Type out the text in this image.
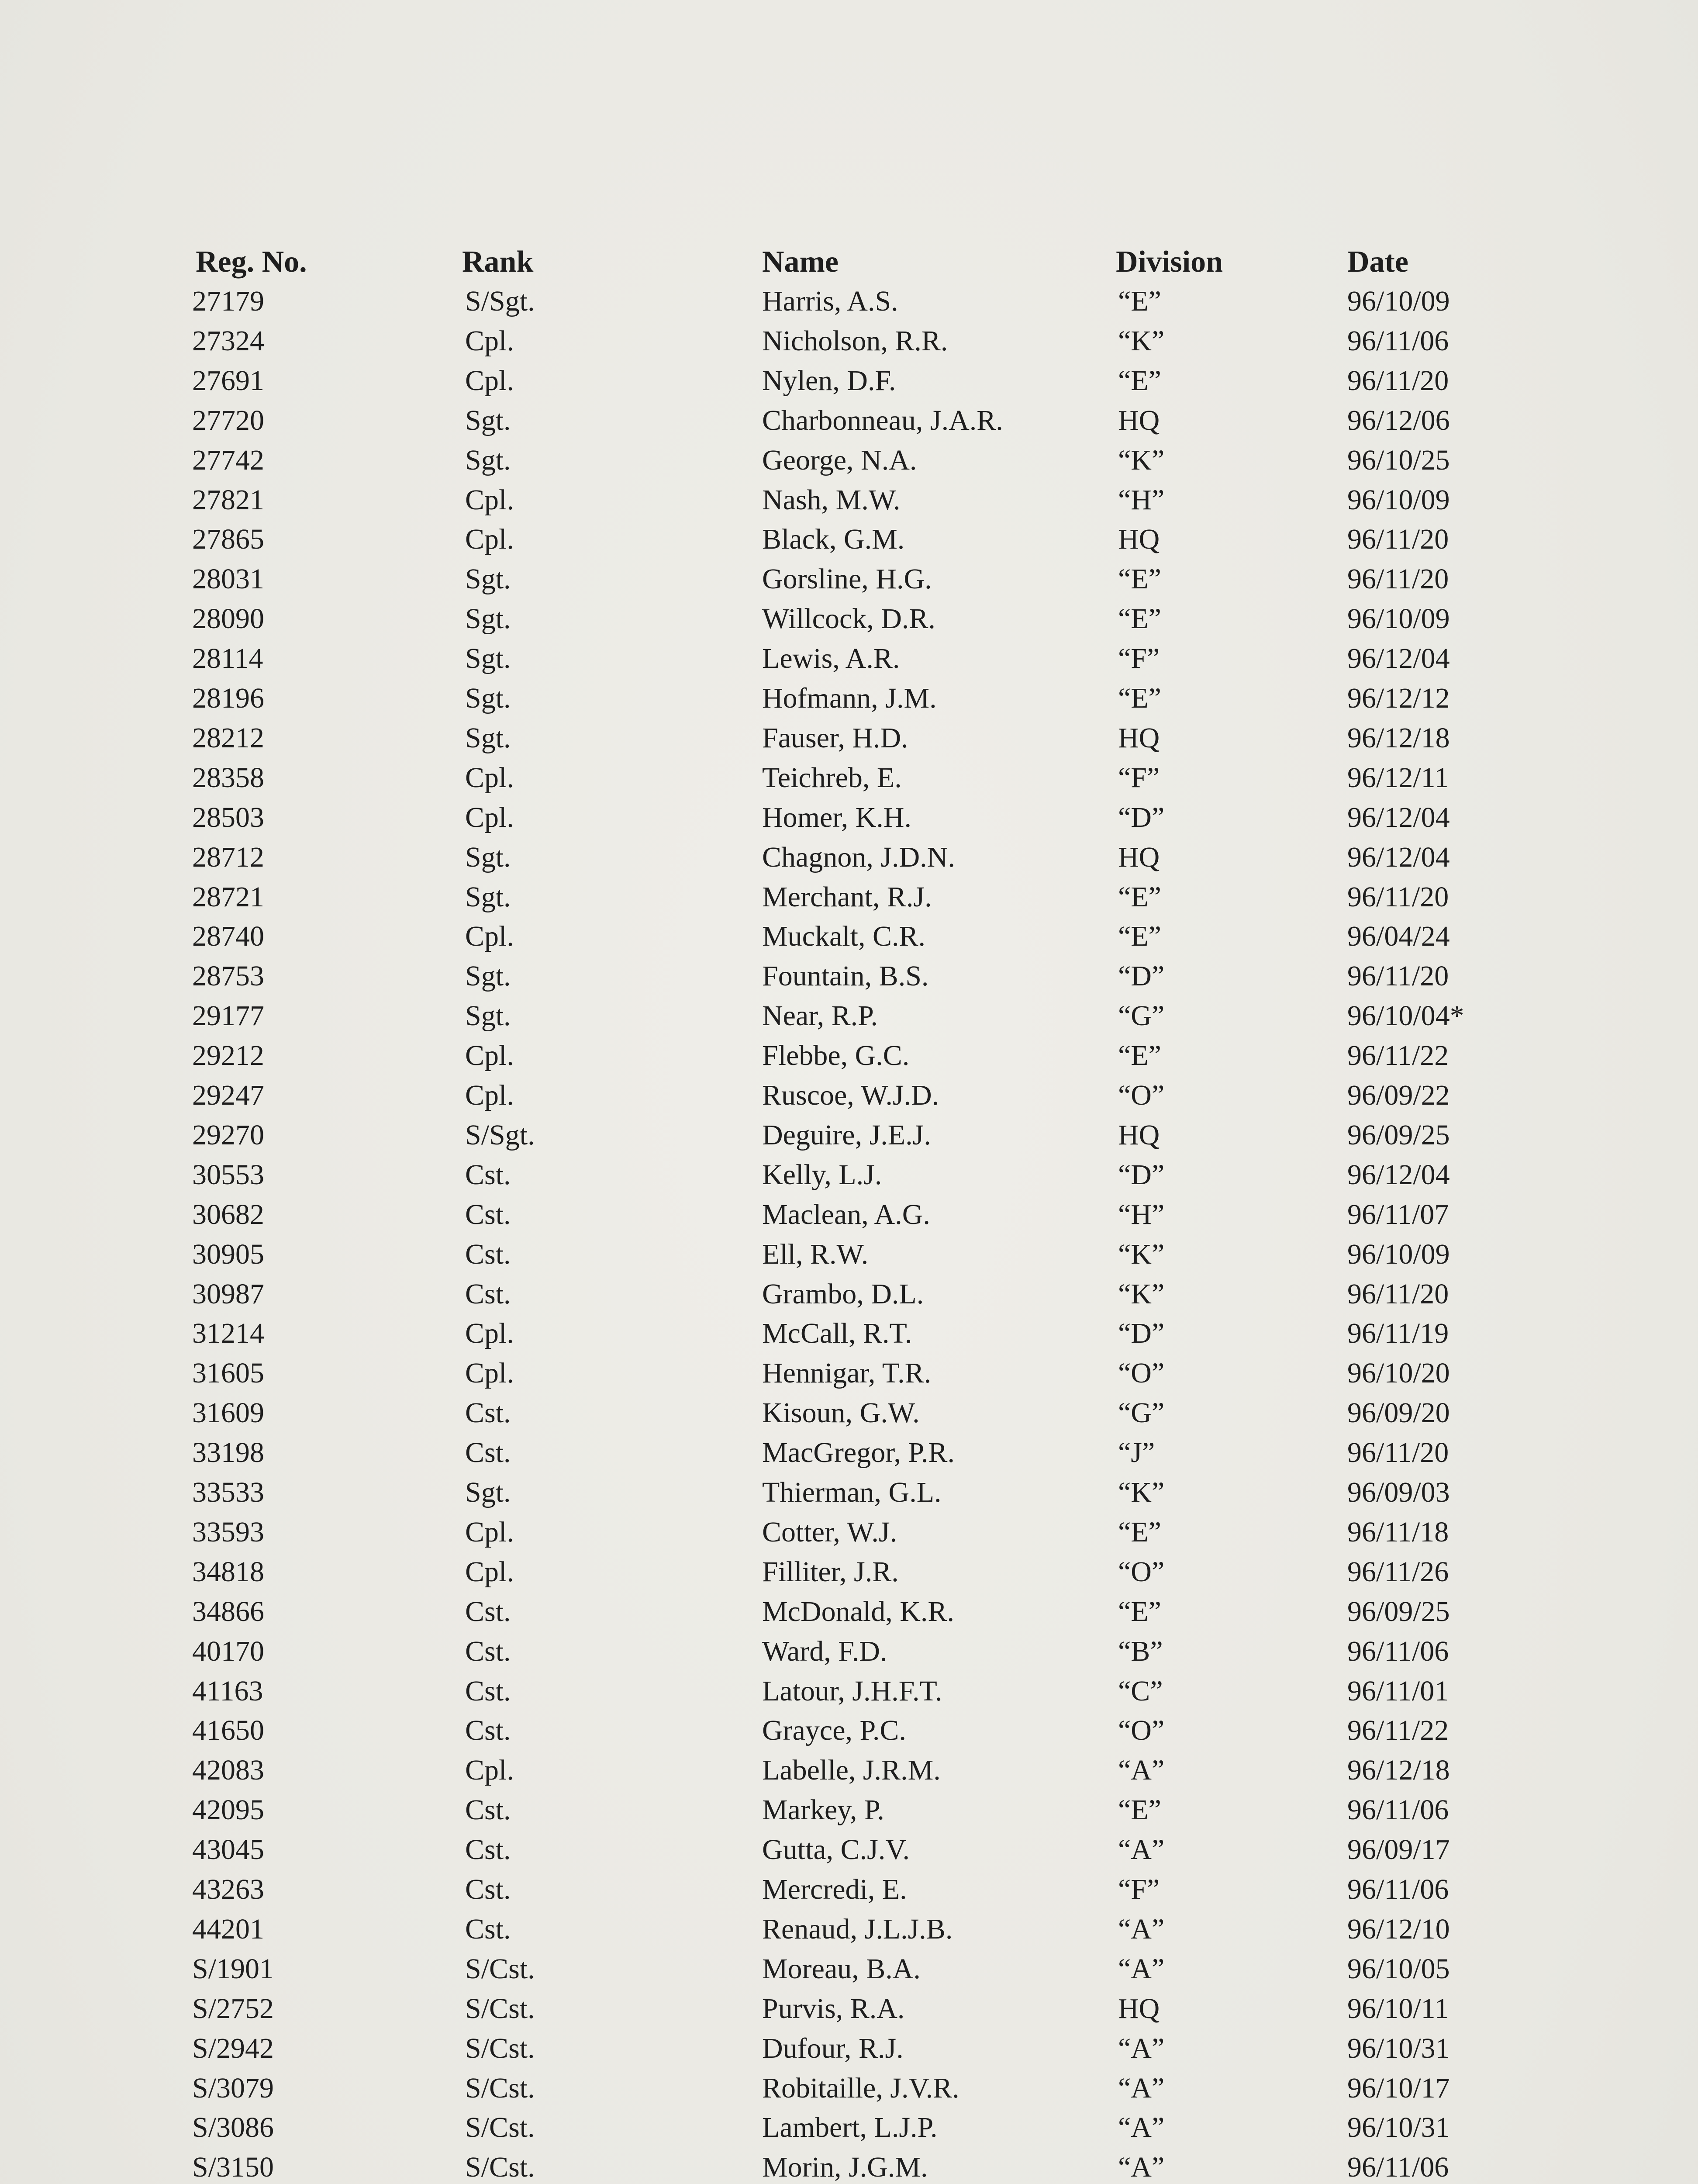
Reg. No.	Rank	Name	Division	Date
27179	S/Sgt.	Harris, A.S.	“E”	96/10/09
27324	Cpl.	Nicholson, R.R.	“K”	96/11/06
27691	Cpl.	Nylen, D.F.	“E”	96/11/20
27720	Sgt.	Charbonneau, J.A.R.	HQ	96/12/06
27742	Sgt.	George, N.A.	“K”	96/10/25
27821	Cpl.	Nash, M.W.	“H”	96/10/09
27865	Cpl.	Black, G.M.	HQ	96/11/20
28031	Sgt.	Gorsline, H.G.	“E”	96/11/20
28090	Sgt.	Willcock, D.R.	“E”	96/10/09
28114	Sgt.	Lewis, A.R.	“F”	96/12/04
28196	Sgt.	Hofmann, J.M.	“E”	96/12/12
28212	Sgt.	Fauser, H.D.	HQ	96/12/18
28358	Cpl.	Teichreb, E.	“F”	96/12/11
28503	Cpl.	Homer, K.H.	“D”	96/12/04
28712	Sgt.	Chagnon, J.D.N.	HQ	96/12/04
28721	Sgt.	Merchant, R.J.	“E”	96/11/20
28740	Cpl.	Muckalt, C.R.	“E”	96/04/24
28753	Sgt.	Fountain, B.S.	“D”	96/11/20
29177	Sgt.	Near, R.P.	“G”	96/10/04*
29212	Cpl.	Flebbe, G.C.	“E”	96/11/22
29247	Cpl.	Ruscoe, W.J.D.	“O”	96/09/22
29270	S/Sgt.	Deguire, J.E.J.	HQ	96/09/25
30553	Cst.	Kelly, L.J.	“D”	96/12/04
30682	Cst.	Maclean, A.G.	“H”	96/11/07
30905	Cst.	Ell, R.W.	“K”	96/10/09
30987	Cst.	Grambo, D.L.	“K”	96/11/20
31214	Cpl.	McCall, R.T.	“D”	96/11/19
31605	Cpl.	Hennigar, T.R.	“O”	96/10/20
31609	Cst.	Kisoun, G.W.	“G”	96/09/20
33198	Cst.	MacGregor, P.R.	“J”	96/11/20
33533	Sgt.	Thierman, G.L.	“K”	96/09/03
33593	Cpl.	Cotter, W.J.	“E”	96/11/18
34818	Cpl.	Filliter, J.R.	“O”	96/11/26
34866	Cst.	McDonald, K.R.	“E”	96/09/25
40170	Cst.	Ward, F.D.	“B”	96/11/06
41163	Cst.	Latour, J.H.F.T.	“C”	96/11/01
41650	Cst.	Grayce, P.C.	“O”	96/11/22
42083	Cpl.	Labelle, J.R.M.	“A”	96/12/18
42095	Cst.	Markey, P.	“E”	96/11/06
43045	Cst.	Gutta, C.J.V.	“A”	96/09/17
43263	Cst.	Mercredi, E.	“F”	96/11/06
44201	Cst.	Renaud, J.L.J.B.	“A”	96/12/10
S/1901	S/Cst.	Moreau, B.A.	“A”	96/10/05
S/2752	S/Cst.	Purvis, R.A.	HQ	96/10/11
S/2942	S/Cst.	Dufour, R.J.	“A”	96/10/31
S/3079	S/Cst.	Robitaille, J.V.R.	“A”	96/10/17
S/3086	S/Cst.	Lambert, L.J.P.	“A”	96/10/31
S/3150	S/Cst.	Morin, J.G.M.	“A”	96/11/06
